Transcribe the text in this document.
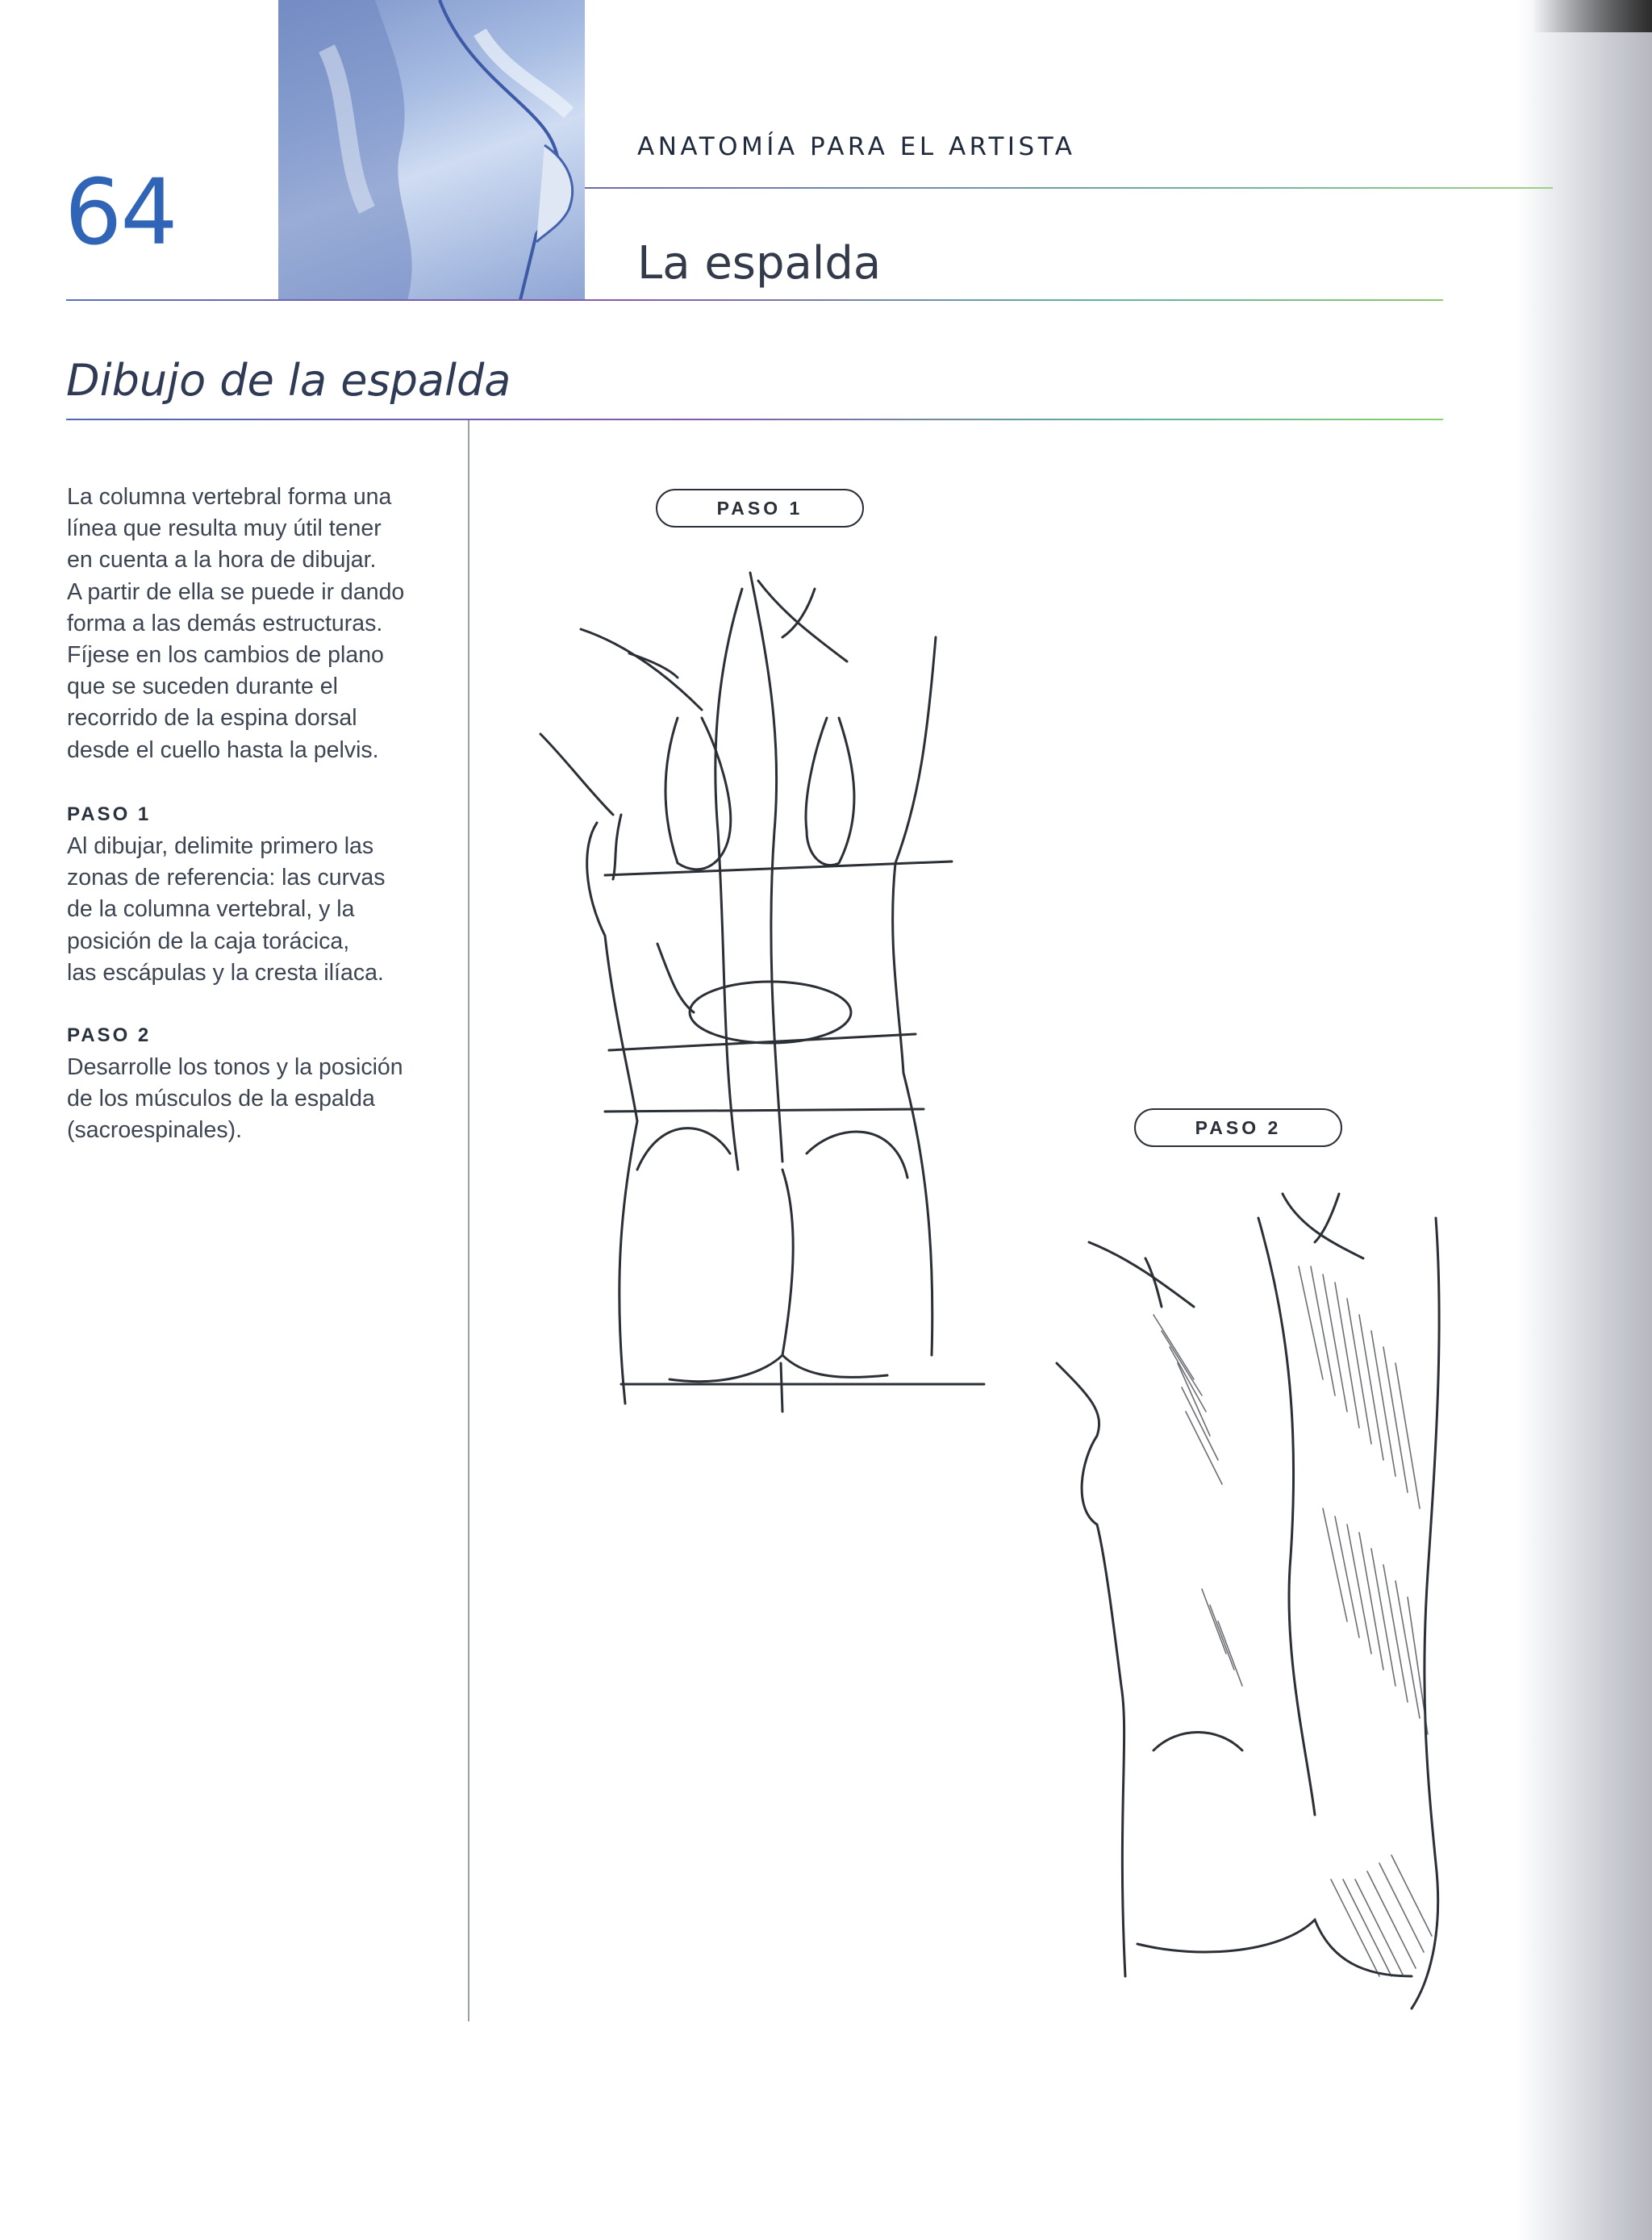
64
ANATOMÍA PARA EL ARTISTA
La espalda
Dibujo de la espalda
La columna vertebral forma una
línea que resulta muy útil tener
en cuenta a la hora de dibujar.
A partir de ella se puede ir dando
forma a las demás estructuras.
Fíjese en los cambios de plano
que se suceden durante el
recorrido de la espina dorsal
desde el cuello hasta la pelvis.
PASO 1
Al dibujar, delimite primero las
zonas de referencia: las curvas
de la columna vertebral, y la
posición de la caja torácica,
las escápulas y la cresta ilíaca.
PASO 2
Desarrolle los tonos y la posición
de los músculos de la espalda
(sacroespinales).
PASO 1
PASO 2
